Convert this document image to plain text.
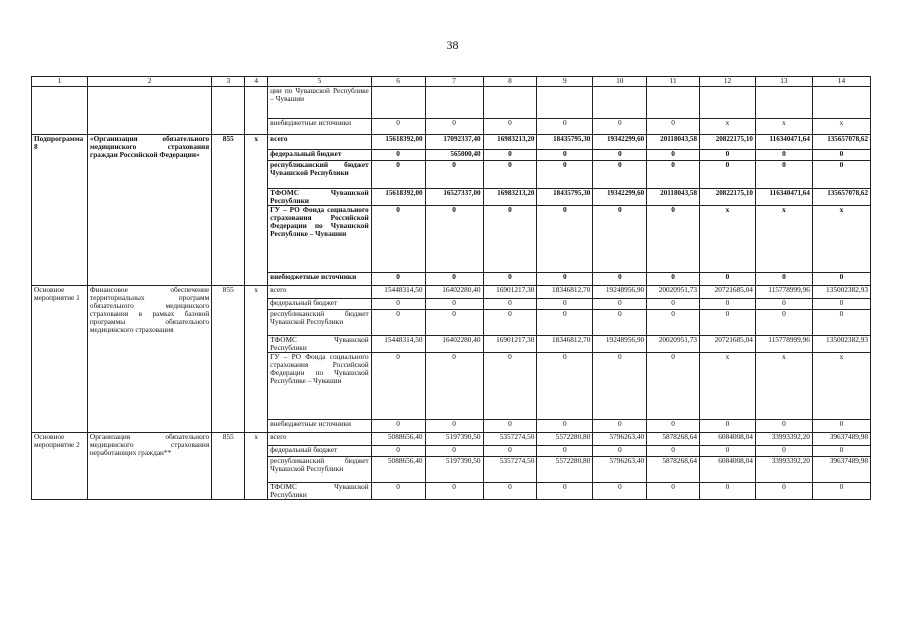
38
1	2	3	4	5	6	7	8	9	10	11	12	13	14
				ции по Чувашской Республике – Чувашии									
				внебюджетные источники	0	0	0	0	0	0	х	х	х
Подпрограмма 8	«Организация обязательного медицинского страхования граждан Российской Федерации»	855	х	всего	15618392,00	17092337,40	16983213,20	18435795,30	19342299,60	20118043,58	20822175,10	116340471,64	135657078,62
				федеральный бюджет	0	565000,40	0	0	0	0	0	0	0
				республиканский бюджет Чувашской Республики	0	0	0	0	0	0	0	0	0
				ТФОМС Чувашской Республики	15618392,00	16527337,00	16983213,20	18435795,30	19342299,60	20118043,58	20822175,10	116340471,64	135657078,62
				ГУ – РО Фонда социального страхования Российской Федерации по Чувашской Республике – Чувашии	0	0	0	0	0	0	х	х	х
				внебюджетные источники	0	0	0	0	0	0	0	0	0
Основное мероприятие 1	Финансовое обеспечение территориальных программ обязательного медицинского страхования в рамках базовой программы обязательного медицинского страхования	855	х	всего	15448314,50	16402280,40	16901217,30	18346812,70	19248956,90	20020951,73	20721685,04	115778999,96	135002382,93
				федеральный бюджет	0	0	0	0	0	0	0	0	0
				республиканский бюджет Чувашской Республики	0	0	0	0	0	0	0	0	0
				ТФОМС Чувашской Республики	15448314,50	16402280,40	16901217,30	18346812,70	19248956,90	20020951,73	20721685,04	115778999,96	135002382,93
				ГУ – РО Фонда социального страхования Российской Федерации по Чувашской Республике – Чувашии	0	0	0	0	0	0	х	х	х
				внебюджетные источники	0	0	0	0	0	0	0	0	0
Основное мероприятие 2	Организация обязательного медицинского страхования неработающих граждан**	855	х	всего	5088656,40	5197390,50	5357274,50	5572280,80	5796263,40	5878268,64	6084008,04	33993392,20	39637489,98
				федеральный бюджет	0	0	0	0	0	0	0	0	0
				республиканский бюджет Чувашской Республики	5088656,40	5197390,50	5357274,50	5572280,80	5796263,40	5878268,64	6084008,04	33993392,20	39637489,98
				ТФОМС Чувашской Республики	0	0	0	0	0	0	0	0	0
